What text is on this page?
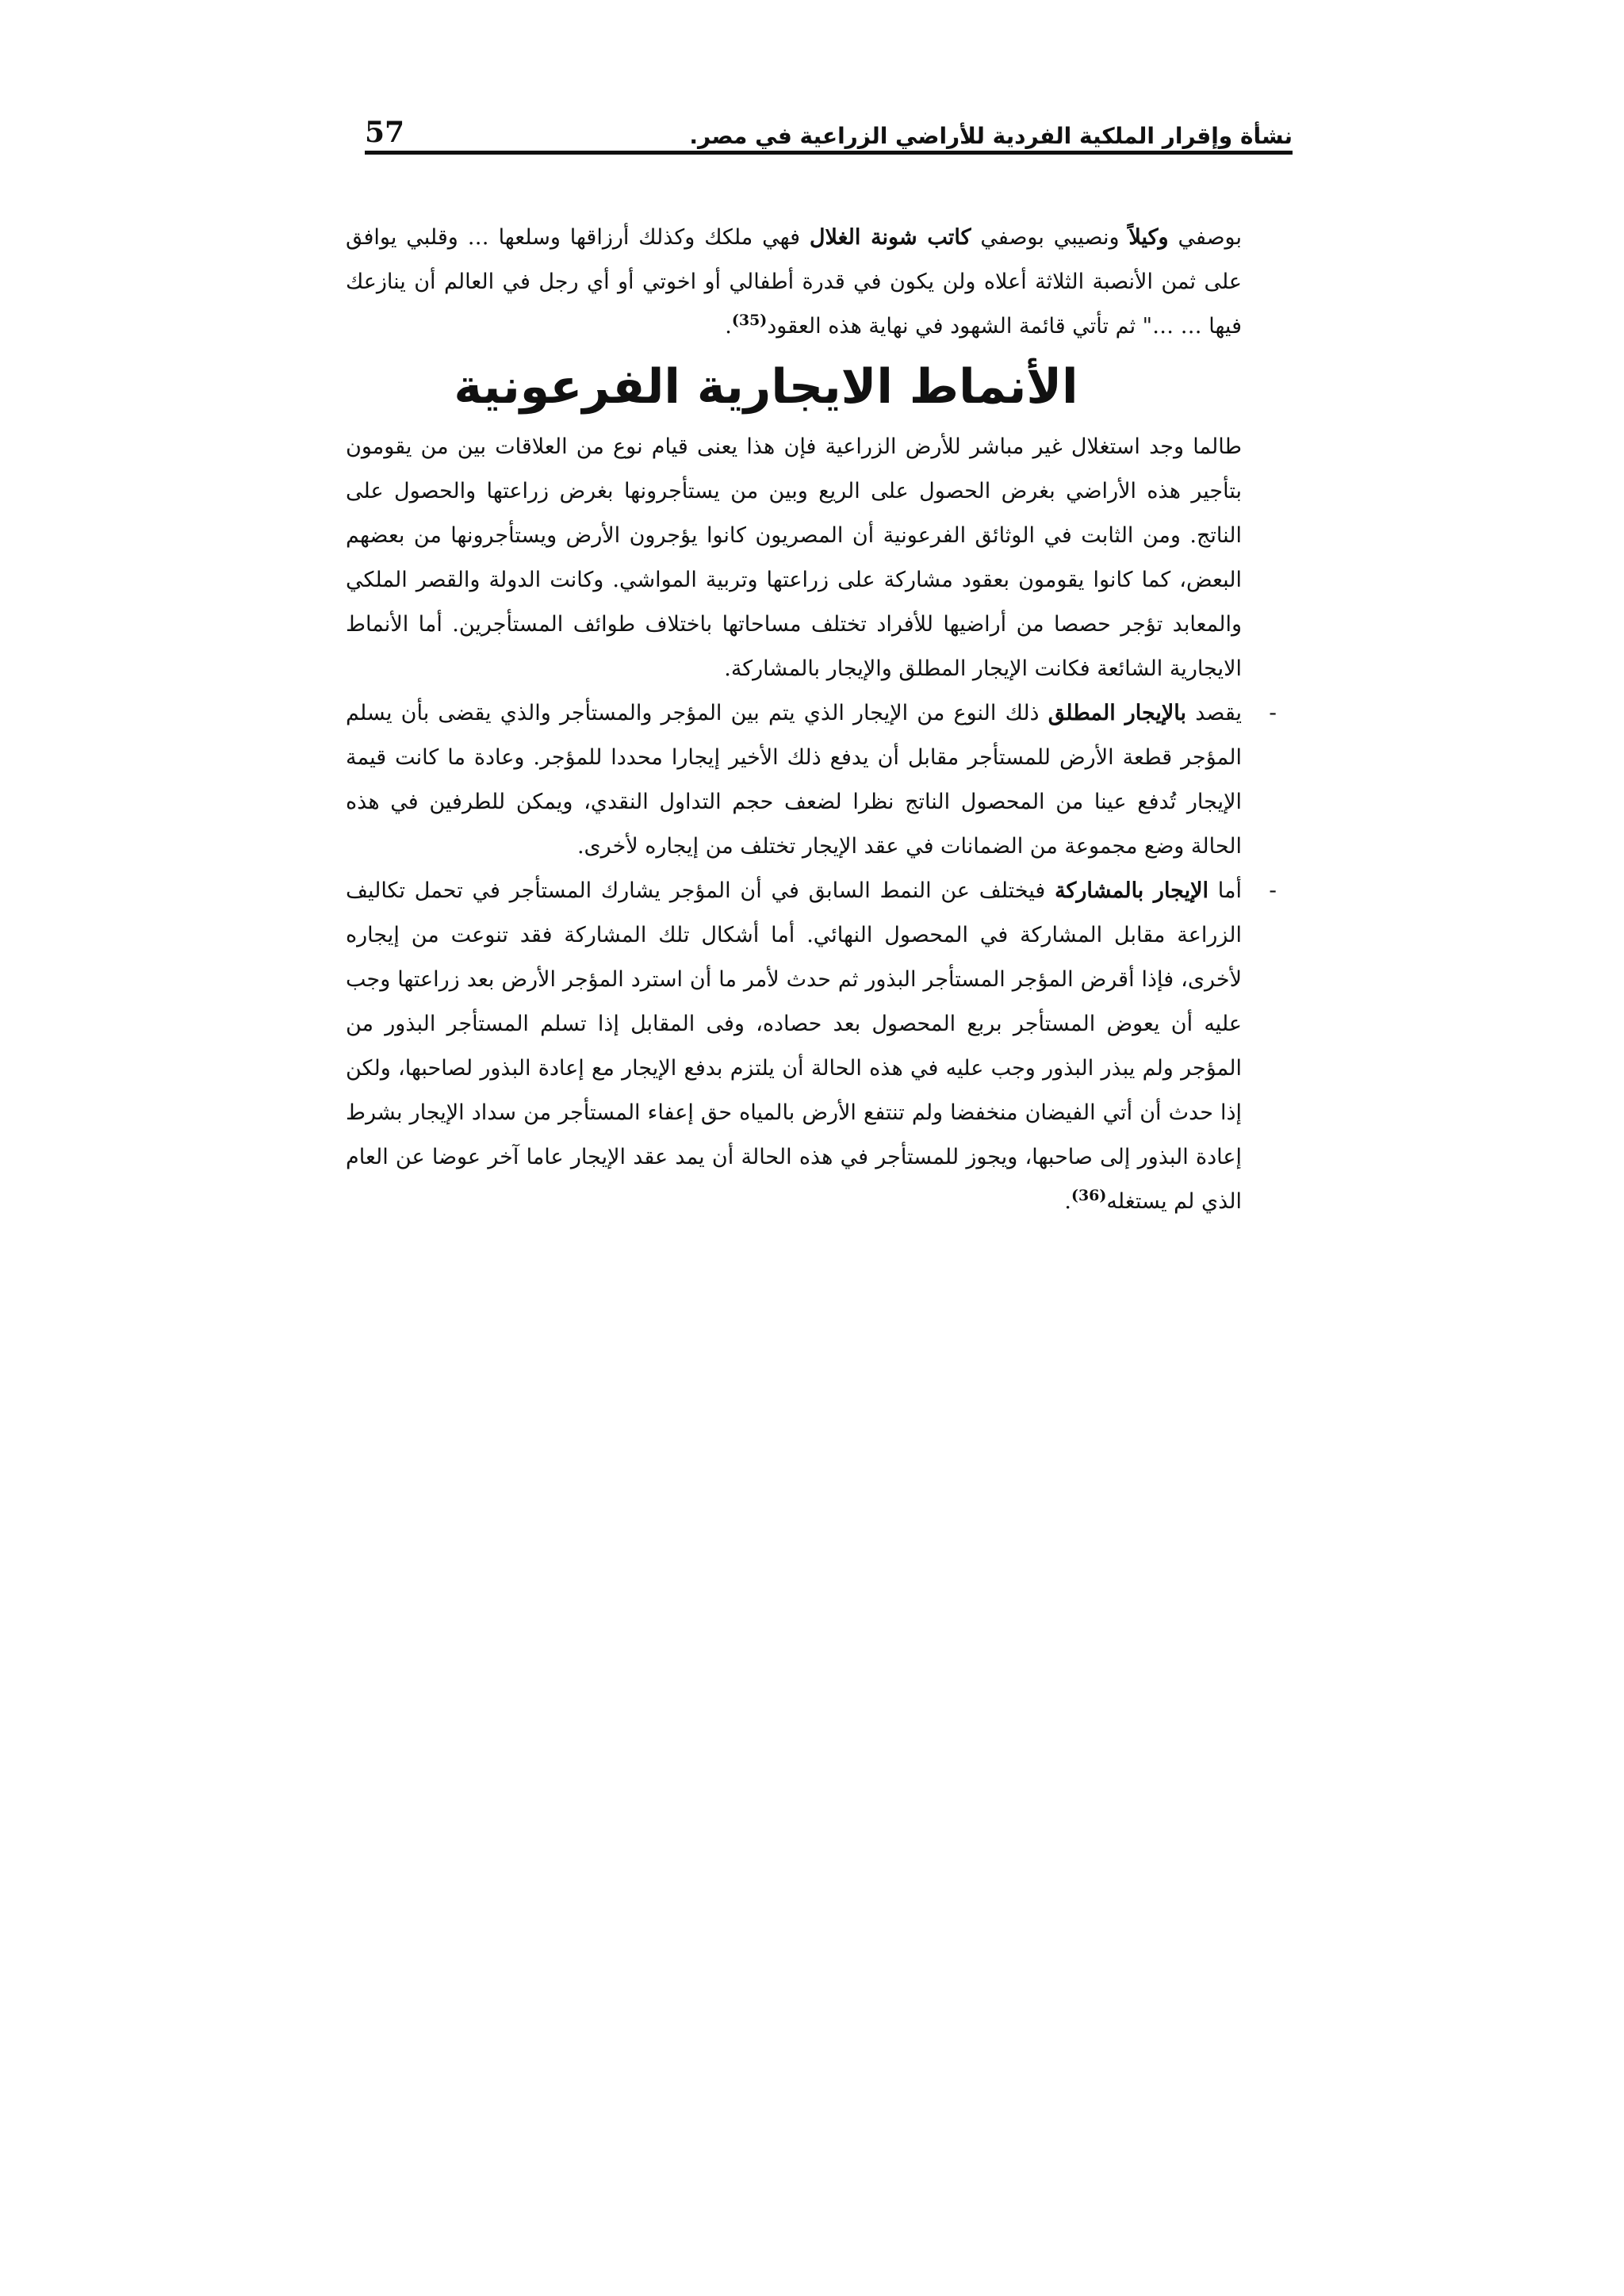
نشأة وإقرار الملكية الفردية للأراضي الزراعية في مصر.
57

بوصفي وكيلاً ونصيبي بوصفي كاتب شونة الغلال فهي ملكك وكذلك أرزاقها وسلعها … وقلبي يوافق على ثمن الأنصبة الثلاثة أعلاه ولن يكون في قدرة أطفالي أو اخوتي أو أي رجل في العالم أن ينازعك فيها … …" ثم تأتي قائمة الشهود في نهاية هذه العقود$^{(35)}$.

الأنماط الايجارية الفرعونية

طالما وجد استغلال غير مباشر للأرض الزراعية فإن هذا يعنى قيام نوع من العلاقات بين من يقومون بتأجير هذه الأراضي بغرض الحصول على الريع وبين من يستأجرونها بغرض زراعتها والحصول على الناتج. ومن الثابت في الوثائق الفرعونية أن المصريون كانوا يؤجرون الأرض ويستأجرونها من بعضهم البعض، كما كانوا يقومون بعقود مشاركة على زراعتها وتربية المواشي. وكانت الدولة والقصر الملكي والمعابد تؤجر حصصا من أراضيها للأفراد تختلف مساحاتها باختلاف طوائف المستأجرين. أما الأنماط الايجارية الشائعة فكانت الإيجار المطلق والإيجار بالمشاركة.

-
يقصد بالإيجار المطلق ذلك النوع من الإيجار الذي يتم بين المؤجر والمستأجر والذي يقضى بأن يسلم المؤجر قطعة الأرض للمستأجر مقابل أن يدفع ذلك الأخير إيجارا محددا للمؤجر. وعادة ما كانت قيمة الإيجار تُدفع عينا من المحصول الناتج نظرا لضعف حجم التداول النقدي، ويمكن للطرفين في هذه الحالة وضع مجموعة من الضمانات في عقد الإيجار تختلف من إيجاره لأخرى.
-
أما الإيجار بالمشاركة فيختلف عن النمط السابق في أن المؤجر يشارك المستأجر في تحمل تكاليف الزراعة مقابل المشاركة في المحصول النهائي. أما أشكال تلك المشاركة فقد تنوعت من إيجاره لأخرى، فإذا أقرض المؤجر المستأجر البذور ثم حدث لأمر ما أن استرد المؤجر الأرض بعد زراعتها وجب عليه أن يعوض المستأجر بربع المحصول بعد حصاده، وفى المقابل إذا تسلم المستأجر البذور من المؤجر ولم يبذر البذور وجب عليه في هذه الحالة أن يلتزم بدفع الإيجار مع إعادة البذور لصاحبها، ولكن إذا حدث أن أتي الفيضان منخفضا ولم تنتفع الأرض بالمياه حق إعفاء المستأجر من سداد الإيجار بشرط إعادة البذور إلى صاحبها، ويجوز للمستأجر في هذه الحالة أن يمد عقد الإيجار عاما آخر عوضا عن العام الذي لم يستغله$^{(36)}$.
